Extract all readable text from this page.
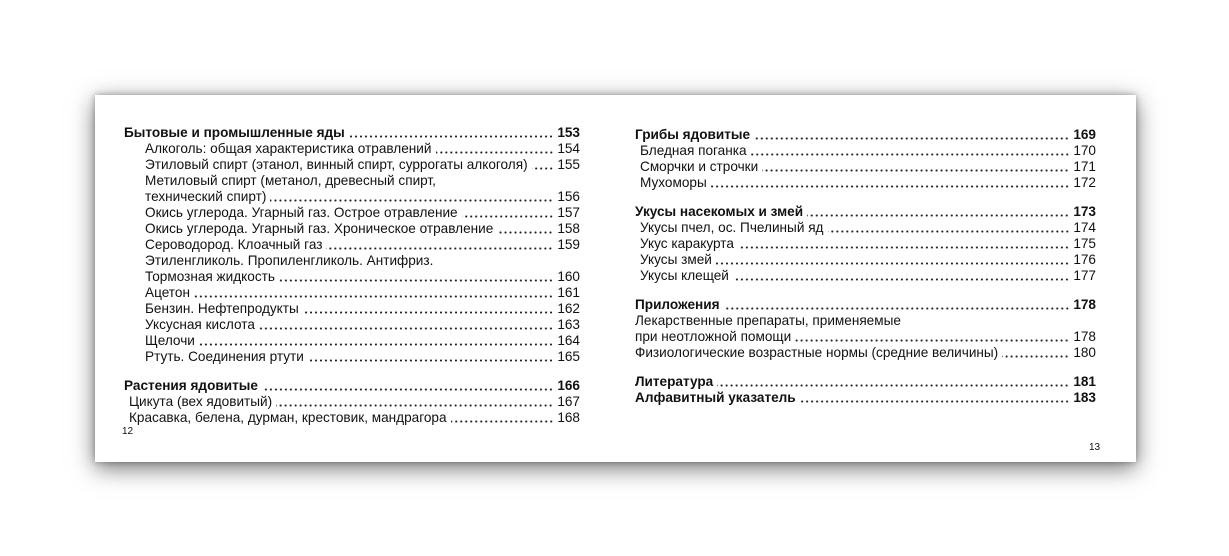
Бытовые и промышленные яды	153
Алкоголь: общая характеристика отравлений	154
Этиловый спирт (этанол, винный спирт, суррогаты алкоголя) 155
Метиловый спирт (метанол, древесный спирт,
технический спирт)	156
Окись углерода. Угарный газ. Острое отравление	157
Окись углерода. Угарный газ. Хроническое отравление	158
Сероводород. Клоачный газ	159
Этиленгликоль. Пропиленгликоль. Антифриз.
Тормозная жидкость	160
Ацетон	161
Бензин. Нефтепродукты	162
Уксусная кислота	163
Щелочи	164
Ртуть. Соединения ртути	165
Растения ядовитые	166
Цикута (вех ядовитый)	167
Красавка, белена, дурман, крестовик, мандрагора	168
Грибы ядовитые	169
Бледная поганка	170
Сморчки и строчки	171
Мухоморы	172
Укусы насекомых и змей	173
Укусы пчел, ос. Пчелиный яд	174
Укус каракурта	175
Укусы змей	176
Укусы клещей	177
Приложения	178
Лекарственные препараты, применяемые
при неотложной помощи	178
Физиологические возрастные нормы (средние величины)	180
Литература	181
Алфавитный указатель	183
12
13
